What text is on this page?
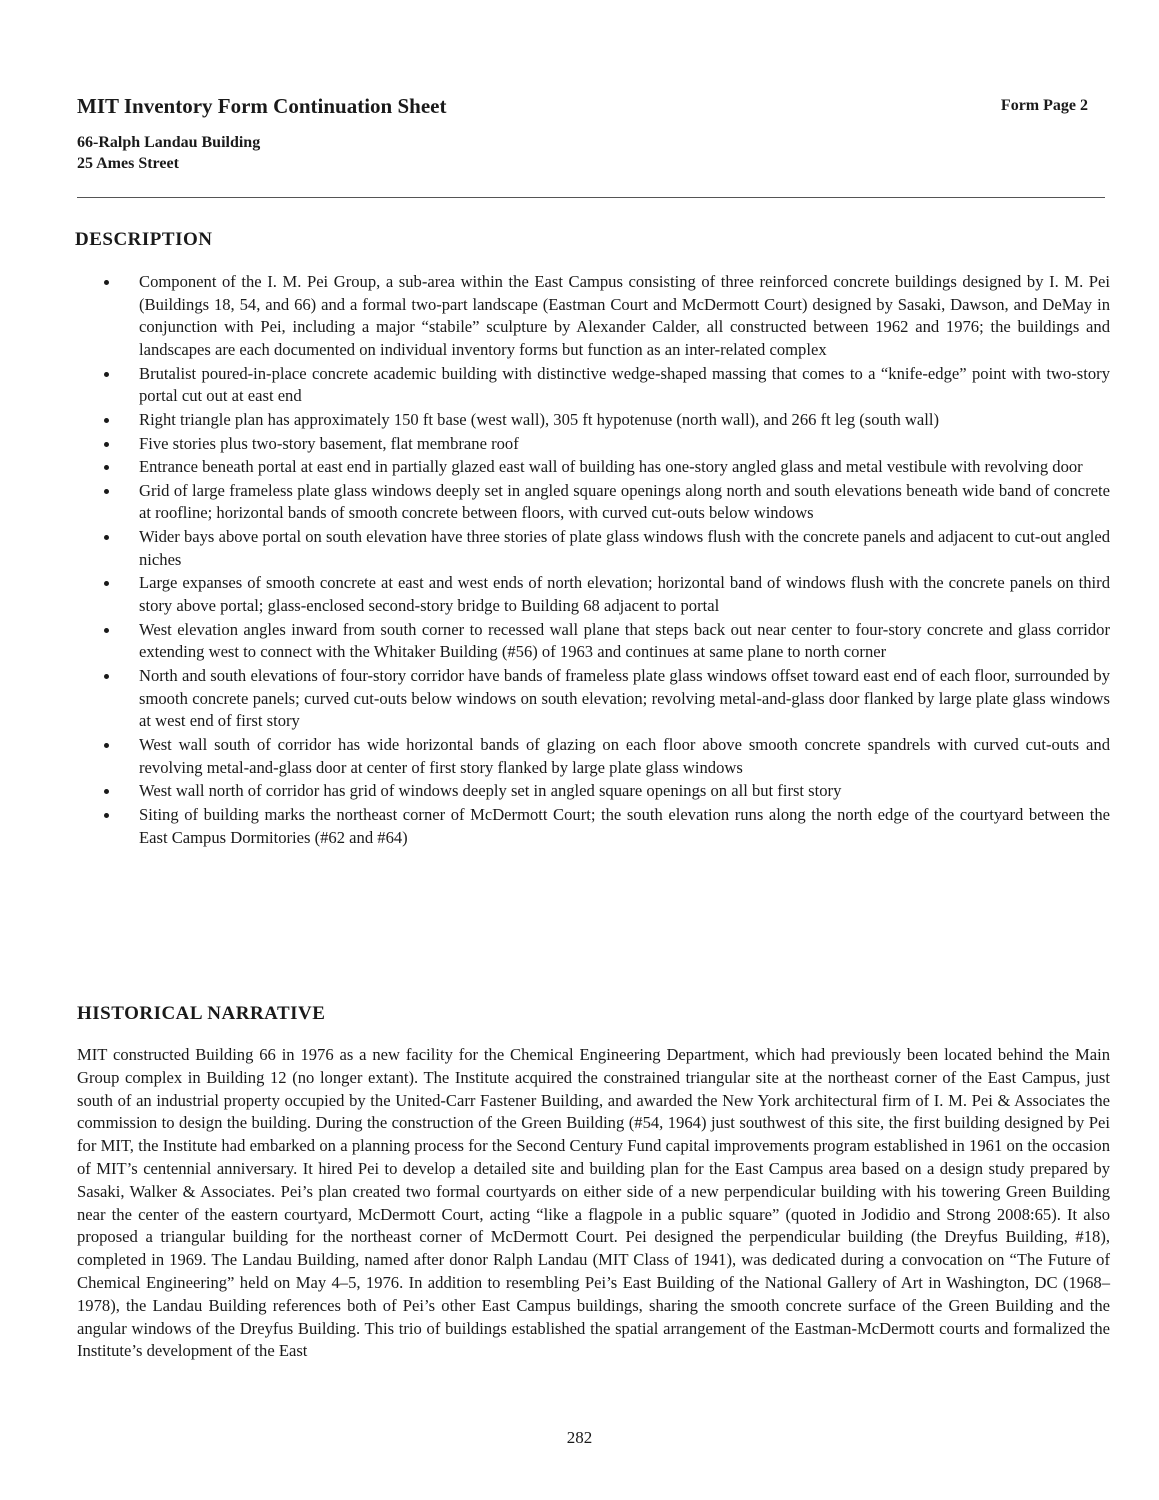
MIT Inventory Form Continuation Sheet	Form Page 2
66-Ralph Landau Building
25 Ames Street
DESCRIPTION
Component of the I. M. Pei Group, a sub-area within the East Campus consisting of three reinforced concrete buildings designed by I. M. Pei (Buildings 18, 54, and 66) and a formal two-part landscape (Eastman Court and McDermott Court) designed by Sasaki, Dawson, and DeMay in conjunction with Pei, including a major “stabile” sculpture by Alexander Calder, all constructed between 1962 and 1976; the buildings and landscapes are each documented on individual inventory forms but function as an inter-related complex
Brutalist poured-in-place concrete academic building with distinctive wedge-shaped massing that comes to a “knife-edge” point with two-story portal cut out at east end
Right triangle plan has approximately 150 ft base (west wall), 305 ft hypotenuse (north wall), and 266 ft leg (south wall)
Five stories plus two-story basement, flat membrane roof
Entrance beneath portal at east end in partially glazed east wall of building has one-story angled glass and metal vestibule with revolving door
Grid of large frameless plate glass windows deeply set in angled square openings along north and south elevations beneath wide band of concrete at roofline; horizontal bands of smooth concrete between floors, with curved cut-outs below windows
Wider bays above portal on south elevation have three stories of plate glass windows flush with the concrete panels and adjacent to cut-out angled niches
Large expanses of smooth concrete at east and west ends of north elevation; horizontal band of windows flush with the concrete panels on third story above portal; glass-enclosed second-story bridge to Building 68 adjacent to portal
West elevation angles inward from south corner to recessed wall plane that steps back out near center to four-story concrete and glass corridor extending west to connect with the Whitaker Building (#56) of 1963 and continues at same plane to north corner
North and south elevations of four-story corridor have bands of frameless plate glass windows offset toward east end of each floor, surrounded by smooth concrete panels; curved cut-outs below windows on south elevation; revolving metal-and-glass door flanked by large plate glass windows at west end of first story
West wall south of corridor has wide horizontal bands of glazing on each floor above smooth concrete spandrels with curved cut-outs and revolving metal-and-glass door at center of first story flanked by large plate glass windows
West wall north of corridor has grid of windows deeply set in angled square openings on all but first story
Siting of building marks the northeast corner of McDermott Court; the south elevation runs along the north edge of the courtyard between the East Campus Dormitories (#62 and #64)
HISTORICAL NARRATIVE

MIT constructed Building 66 in 1976 as a new facility for the Chemical Engineering Department, which had previously been located behind the Main Group complex in Building 12 (no longer extant). The Institute acquired the constrained triangular site at the northeast corner of the East Campus, just south of an industrial property occupied by the United-Carr Fastener Building, and awarded the New York architectural firm of I. M. Pei & Associates the commission to design the building. During the construction of the Green Building (#54, 1964) just southwest of this site, the first building designed by Pei for MIT, the Institute had embarked on a planning process for the Second Century Fund capital improvements program established in 1961 on the occasion of MIT’s centennial anniversary. It hired Pei to develop a detailed site and building plan for the East Campus area based on a design study prepared by Sasaki, Walker & Associates. Pei’s plan created two formal courtyards on either side of a new perpendicular building with his towering Green Building near the center of the eastern courtyard, McDermott Court, acting “like a flagpole in a public square” (quoted in Jodidio and Strong 2008:65). It also proposed a triangular building for the northeast corner of McDermott Court. Pei designed the perpendicular building (the Dreyfus Building, #18), completed in 1969. The Landau Building, named after donor Ralph Landau (MIT Class of 1941), was dedicated during a convocation on “The Future of Chemical Engineering” held on May 4–5, 1976. In addition to resembling Pei’s East Building of the National Gallery of Art in Washington, DC (1968–1978), the Landau Building references both of Pei’s other East Campus buildings, sharing the smooth concrete surface of the Green Building and the angular windows of the Dreyfus Building. This trio of buildings established the spatial arrangement of the Eastman-McDermott courts and formalized the Institute’s development of the East

282
